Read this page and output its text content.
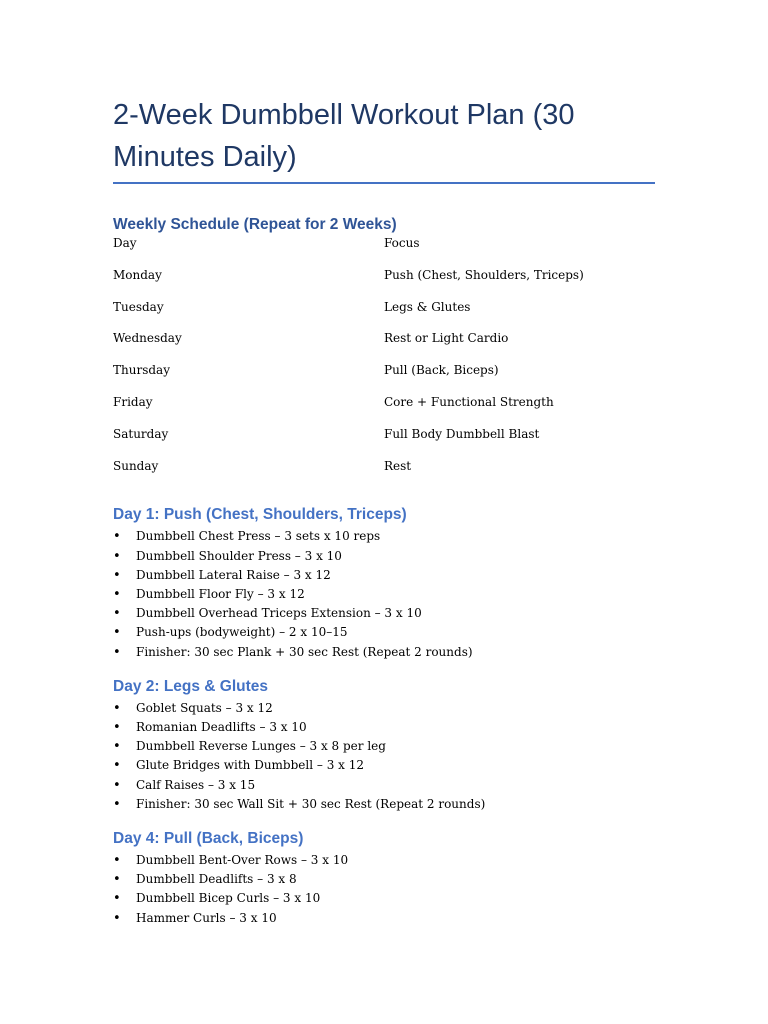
2-Week Dumbbell Workout Plan (30 Minutes Daily)
Weekly Schedule (Repeat for 2 Weeks)
Day	Focus
Monday	Push (Chest, Shoulders, Triceps)
Tuesday	Legs & Glutes
Wednesday	Rest or Light Cardio
Thursday	Pull (Back, Biceps)
Friday	Core + Functional Strength
Saturday	Full Body Dumbbell Blast
Sunday	Rest
Day 1: Push (Chest, Shoulders, Triceps)
• Dumbbell Chest Press – 3 sets x 10 reps
• Dumbbell Shoulder Press – 3 x 10
• Dumbbell Lateral Raise – 3 x 12
• Dumbbell Floor Fly – 3 x 12
• Dumbbell Overhead Triceps Extension – 3 x 10
• Push-ups (bodyweight) – 2 x 10–15
• Finisher: 30 sec Plank + 30 sec Rest (Repeat 2 rounds)
Day 2: Legs & Glutes
• Goblet Squats – 3 x 12
• Romanian Deadlifts – 3 x 10
• Dumbbell Reverse Lunges – 3 x 8 per leg
• Glute Bridges with Dumbbell – 3 x 12
• Calf Raises – 3 x 15
• Finisher: 30 sec Wall Sit + 30 sec Rest (Repeat 2 rounds)
Day 4: Pull (Back, Biceps)
• Dumbbell Bent-Over Rows – 3 x 10
• Dumbbell Deadlifts – 3 x 8
• Dumbbell Bicep Curls – 3 x 10
• Hammer Curls – 3 x 10
